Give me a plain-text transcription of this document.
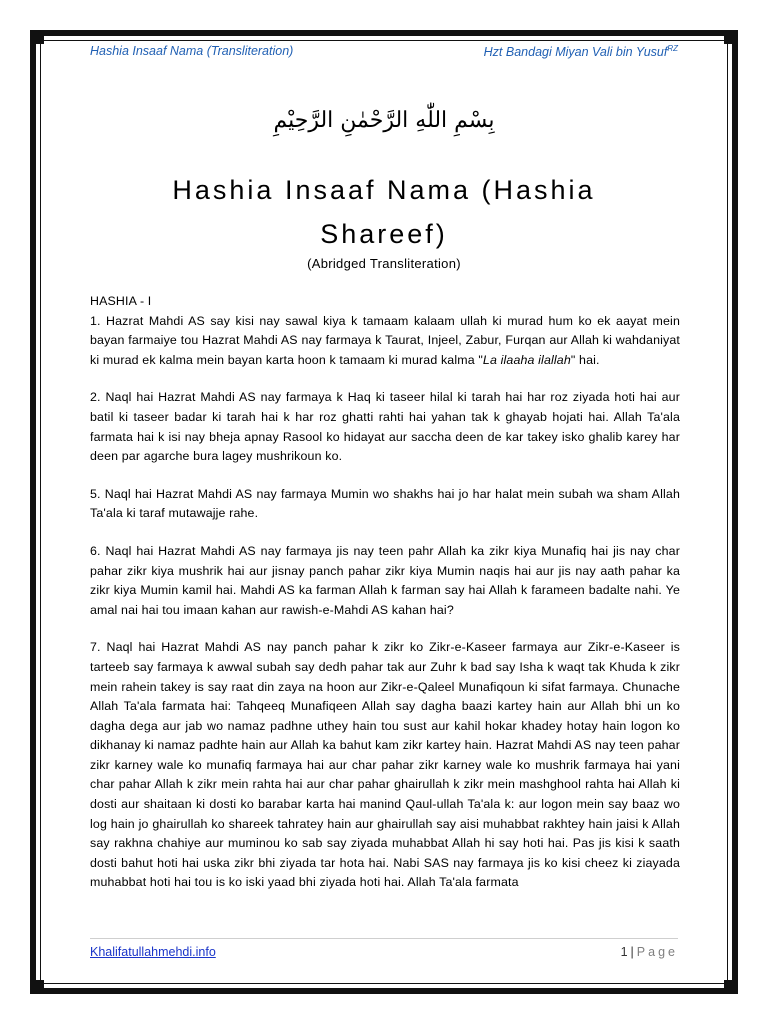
Hashia Insaaf Nama (Transliteration)	Hzt Bandagi Miyan Vali bin Yusuf$^{RZ}$
بِسْمِ اللّٰهِ الرَّحْمٰنِ الرَّحِيْمِ
Hashia Insaaf Nama (Hashia Shareef)
(Abridged Transliteration)

HASHIA - I

1. Hazrat Mahdi AS say kisi nay sawal kiya k tamaam kalaam ullah ki murad hum ko ek aayat mein bayan farmaiye tou Hazrat Mahdi AS nay farmaya k Taurat, Injeel, Zabur, Furqan aur Allah ki wahdaniyat ki murad ek kalma mein bayan karta hoon k tamaam ki murad kalma "La ilaaha ilallah" hai.

2. Naql hai Hazrat Mahdi AS nay farmaya k Haq ki taseer hilal ki tarah hai har roz ziyada hoti hai aur batil ki taseer badar ki tarah hai k har roz ghatti rahti hai yahan tak k ghayab hojati hai. Allah Ta'ala farmata hai k isi nay bheja apnay Rasool ko hidayat aur saccha deen de kar takey isko ghalib karey har deen par agarche bura lagey mushrikoun ko.

5. Naql hai Hazrat Mahdi AS nay farmaya Mumin wo shakhs hai jo har halat mein subah wa sham Allah Ta'ala ki taraf mutawajje rahe.

6. Naql hai Hazrat Mahdi AS nay farmaya jis nay teen pahr Allah ka zikr kiya Munafiq hai jis nay char pahar zikr kiya mushrik hai aur jisnay panch pahar zikr kiya Mumin naqis hai aur jis nay aath pahar ka zikr kiya Mumin kamil hai. Mahdi AS ka farman Allah k farman say hai Allah k farameen badalte nahi. Ye amal nai hai tou imaan kahan aur rawish-e-Mahdi AS kahan hai?

7. Naql hai Hazrat Mahdi AS nay panch pahar k zikr ko Zikr-e-Kaseer farmaya aur Zikr-e-Kaseer is tarteeb say farmaya k awwal subah say dedh pahar tak aur Zuhr k bad say Isha k waqt tak Khuda k zikr mein rahein takey is say raat din zaya na hoon aur Zikr-e-Qaleel Munafiqoun ki sifat farmaya. Chunache Allah Ta'ala farmata hai: Tahqeeq Munafiqeen Allah say dagha baazi kartey hain aur Allah bhi un ko dagha dega aur jab wo namaz padhne uthey hain tou sust aur kahil hokar khadey hotay hain logon ko dikhanay ki namaz padhte hain aur Allah ka bahut kam zikr kartey hain. Hazrat Mahdi AS nay teen pahar zikr karney wale ko munafiq farmaya hai aur char pahar zikr karney wale ko mushrik farmaya hai yani char pahar Allah k zikr mein rahta hai aur char pahar ghairullah k zikr mein mashghool rahta hai Allah ki dosti aur shaitaan ki dosti ko barabar karta hai manind Qaul-ullah Ta'ala k: aur logon mein say baaz wo log hain jo ghairullah ko shareek tahratey hain aur ghairullah say aisi muhabbat rakhtey hain jaisi k Allah say rakhna chahiye aur muminou ko sab say ziyada muhabbat Allah hi say hoti hai. Pas jis kisi k saath dosti bahut hoti hai uska zikr bhi ziyada tar hota hai. Nabi SAS nay farmaya jis ko kisi cheez ki ziayada muhabbat hoti hai tou is ko iski yaad bhi ziyada hoti hai. Allah Ta'ala farmata

Khalifatullahmehdi.info	1 | Page
